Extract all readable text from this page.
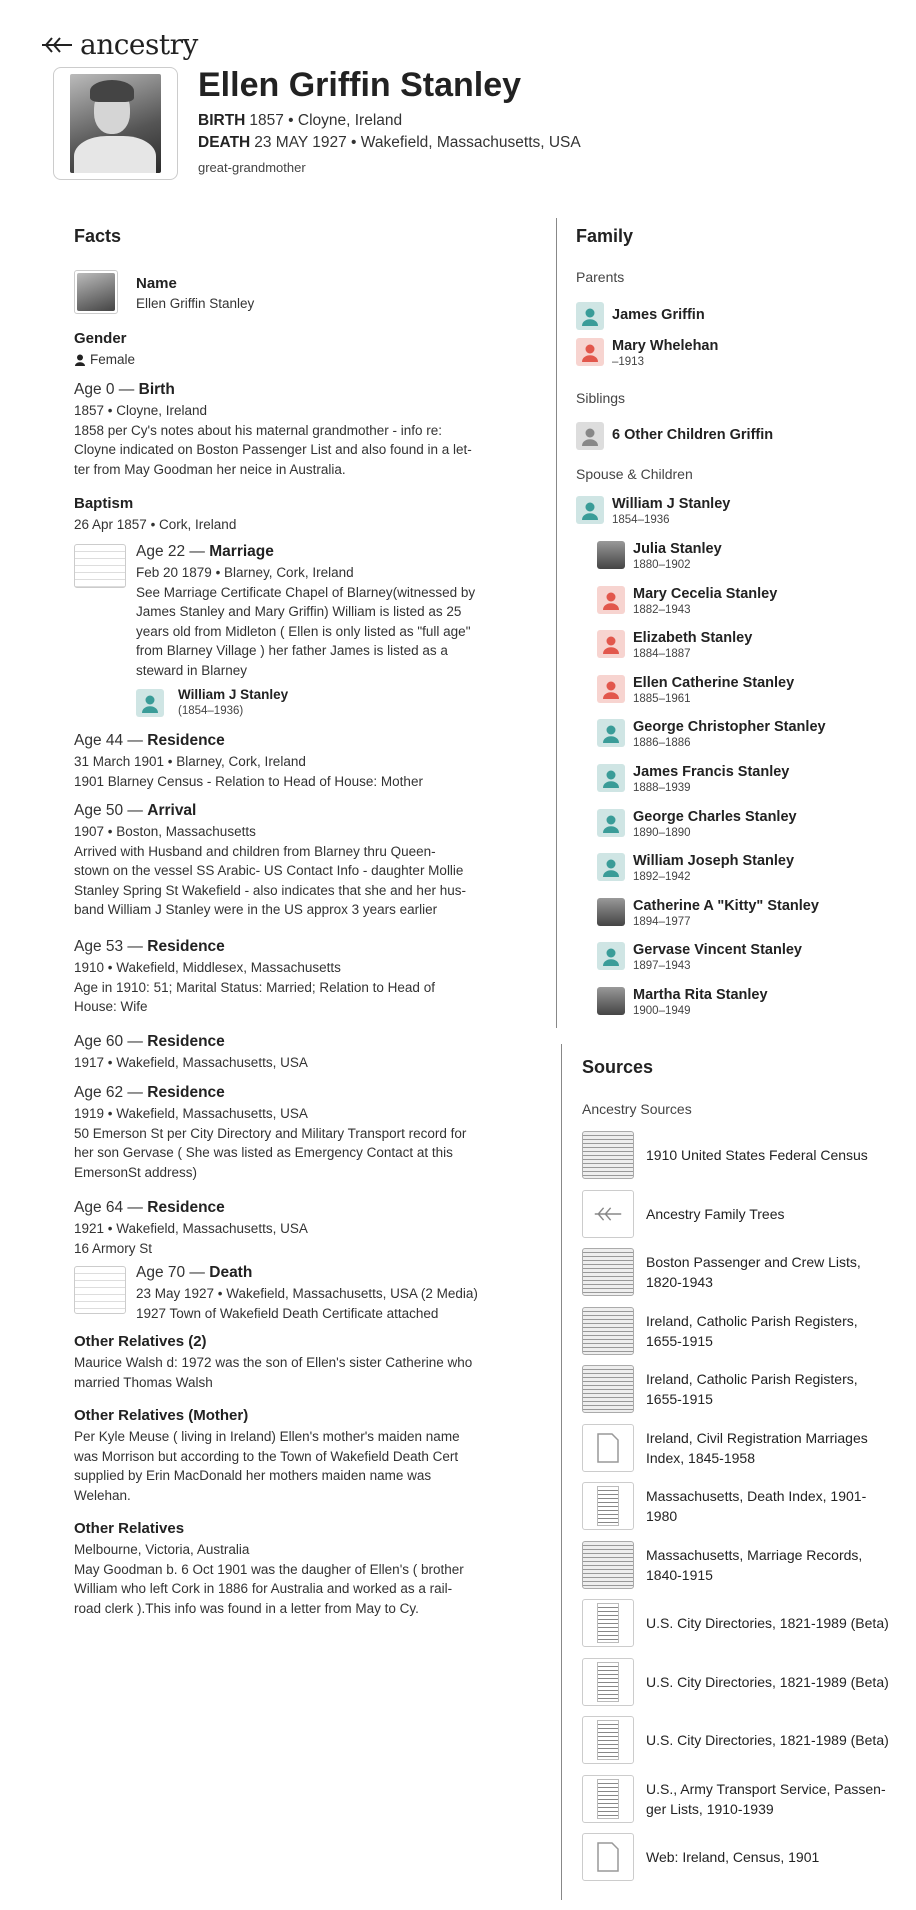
ancestry
Ellen Griffin Stanley
BIRTH 1857 • Cloyne, Ireland
DEATH 23 MAY 1927 • Wakefield, Massachusetts, USA
great-grandmother
Facts
Name
Ellen Griffin Stanley
Gender
Female
Age 0 — Birth
1857 • Cloyne, Ireland
1858 per Cy's notes about his maternal grandmother - info re:
Cloyne indicated on Boston Passenger List and also found in a let-
ter from May Goodman her neice in Australia.
Baptism
26 Apr 1857 • Cork, Ireland
Age 22 — Marriage
Feb 20 1879 • Blarney, Cork, Ireland
See Marriage Certificate Chapel of Blarney(witnessed by
James Stanley and Mary Griffin) William is listed as 25
years old from Midleton ( Ellen is only listed as "full age"
from Blarney Village ) her father James is listed as a
steward in Blarney
William J Stanley
(1854–1936)
Age 44 — Residence
31 March 1901 • Blarney, Cork, Ireland
1901 Blarney Census - Relation to Head of House: Mother
Age 50 — Arrival
1907 • Boston, Massachusetts
Arrived with Husband and children from Blarney thru Queen-
stown on the vessel SS Arabic- US Contact Info - daughter Mollie
Stanley Spring St Wakefield - also indicates that she and her hus-
band William J Stanley were in the US approx 3 years earlier
Age 53 — Residence
1910 • Wakefield, Middlesex, Massachusetts
Age in 1910: 51; Marital Status: Married; Relation to Head of
House: Wife
Age 60 — Residence
1917 • Wakefield, Massachusetts, USA
Age 62 — Residence
1919 • Wakefield, Massachusetts, USA
50 Emerson St per City Directory and Military Transport record for
her son Gervase ( She was listed as Emergency Contact at this
EmersonSt address)
Age 64 — Residence
1921 • Wakefield, Massachusetts, USA
16 Armory St
Age 70 — Death
23 May 1927 • Wakefield, Massachusetts, USA (2 Media)
1927 Town of Wakefield Death Certificate attached
Other Relatives (2)
Maurice Walsh d: 1972 was the son of Ellen's sister Catherine who
married Thomas Walsh
Other Relatives (Mother)
Per Kyle Meuse ( living in Ireland) Ellen's mother's maiden name
was Morrison but according to the Town of Wakefield Death Cert
supplied by Erin MacDonald her mothers maiden name was
Welehan.
Other Relatives
Melbourne, Victoria, Australia
May Goodman b. 6 Oct 1901 was the daugher of Ellen's ( brother
William who left Cork in 1886 for Australia and worked as a rail-
road clerk ).This info was found in a letter from May to Cy.
Family
Parents
James Griffin
Mary Whelehan
–1913
Siblings
6 Other Children Griffin
Spouse & Children
William J Stanley
1854–1936
Julia Stanley
1880–1902
Mary Cecelia Stanley
1882–1943
Elizabeth Stanley
1884–1887
Ellen Catherine Stanley
1885–1961
George Christopher Stanley
1886–1886
James Francis Stanley
1888–1939
George Charles Stanley
1890–1890
William Joseph Stanley
1892–1942
Catherine A "Kitty" Stanley
1894–1977
Gervase Vincent Stanley
1897–1943
Martha Rita Stanley
1900–1949
Sources
Ancestry Sources
1910 United States Federal Census
Ancestry Family Trees
Boston Passenger and Crew Lists,
1820-1943
Ireland, Catholic Parish Registers,
1655-1915
Ireland, Catholic Parish Registers,
1655-1915
Ireland, Civil Registration Marriages
Index, 1845-1958
Massachusetts, Death Index, 1901-
1980
Massachusetts, Marriage Records,
1840-1915
U.S. City Directories, 1821-1989 (Beta)
U.S. City Directories, 1821-1989 (Beta)
U.S. City Directories, 1821-1989 (Beta)
U.S., Army Transport Service, Passen-
ger Lists, 1910-1939
Web: Ireland, Census, 1901
